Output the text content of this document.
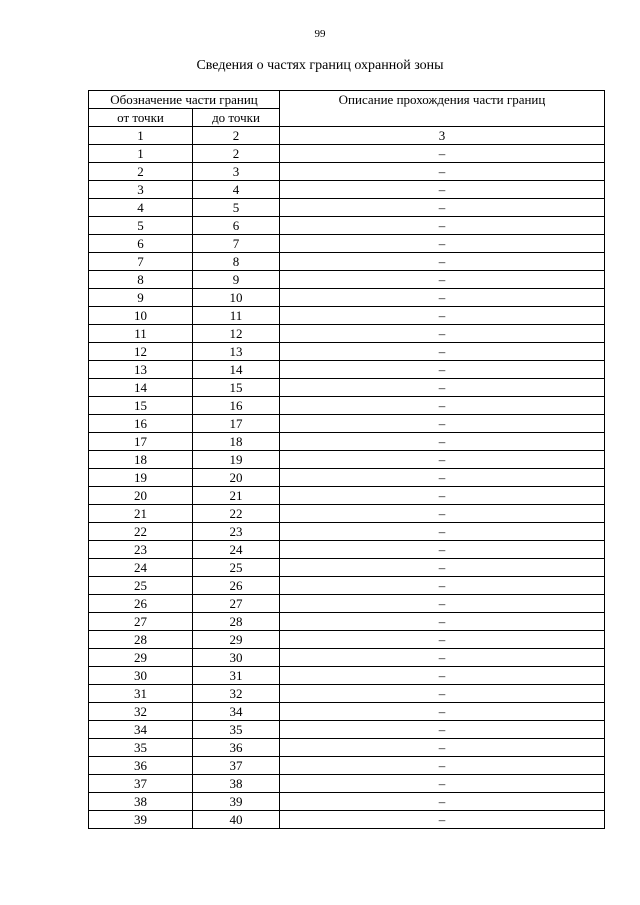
99
Сведения о частях границ охранной зоны
Обозначение части границ		Описание прохождения части границ
от точки	до точки	
1	2	3
1	2	–
2	3	–
3	4	–
4	5	–
5	6	–
6	7	–
7	8	–
8	9	–
9	10	–
10	11	–
11	12	–
12	13	–
13	14	–
14	15	–
15	16	–
16	17	–
17	18	–
18	19	–
19	20	–
20	21	–
21	22	–
22	23	–
23	24	–
24	25	–
25	26	–
26	27	–
27	28	–
28	29	–
29	30	–
30	31	–
31	32	–
32	34	–
34	35	–
35	36	–
36	37	–
37	38	–
38	39	–
39	40	–
